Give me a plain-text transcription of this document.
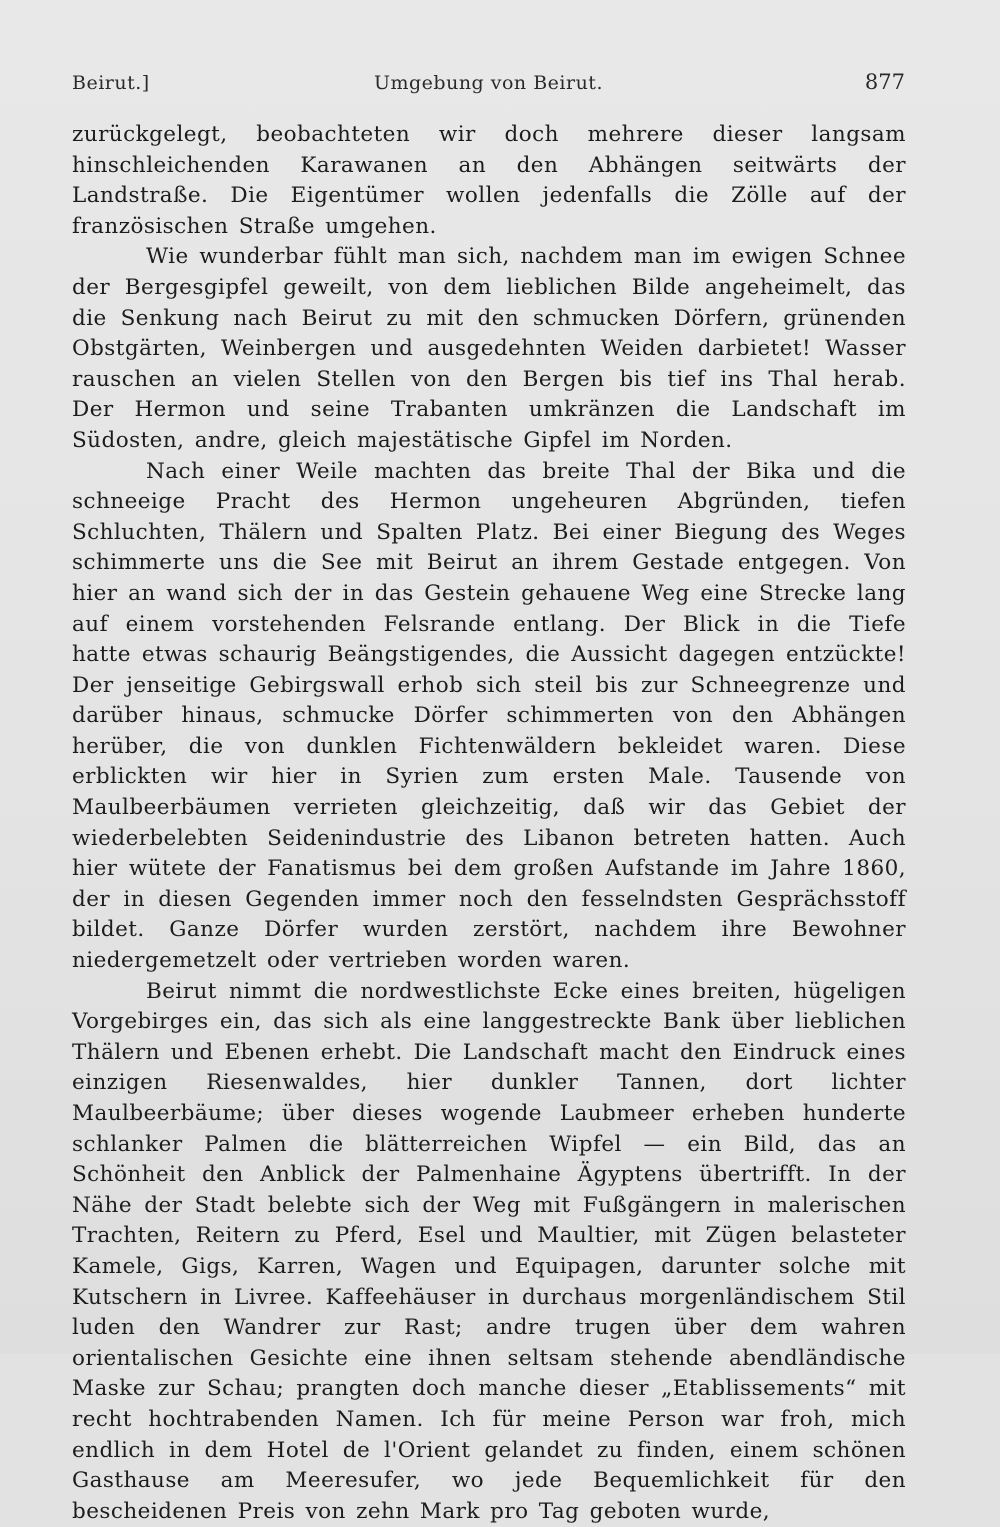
Beirut.]	Umgebung von Beirut.	877

zurückgelegt, beobachteten wir doch mehrere dieser langsam hinschleichenden Karawanen an den Abhängen seitwärts der Landstraße. Die Eigentümer wollen jedenfalls die Zölle auf der französischen Straße umgehen.

Wie wunderbar fühlt man sich, nachdem man im ewigen Schnee der Bergesgipfel geweilt, von dem lieblichen Bilde angeheimelt, das die Senkung nach Beirut zu mit den schmucken Dörfern, grünenden Obstgärten, Weinbergen und ausgedehnten Weiden darbietet! Wasser rauschen an vielen Stellen von den Bergen bis tief ins Thal herab. Der Hermon und seine Trabanten umkränzen die Landschaft im Südosten, andre, gleich majestätische Gipfel im Norden.

Nach einer Weile machten das breite Thal der Bika und die schneeige Pracht des Hermon ungeheuren Abgründen, tiefen Schluchten, Thälern und Spalten Platz. Bei einer Biegung des Weges schimmerte uns die See mit Beirut an ihrem Gestade entgegen. Von hier an wand sich der in das Gestein gehauene Weg eine Strecke lang auf einem vorstehenden Felsrande entlang. Der Blick in die Tiefe hatte etwas schaurig Beängstigendes, die Aussicht dagegen entzückte! Der jenseitige Gebirgswall erhob sich steil bis zur Schneegrenze und darüber hinaus, schmucke Dörfer schimmerten von den Abhängen herüber, die von dunklen Fichtenwäldern bekleidet waren. Diese erblickten wir hier in Syrien zum ersten Male. Tausende von Maulbeerbäumen verrieten gleichzeitig, daß wir das Gebiet der wiederbelebten Seidenindustrie des Libanon betreten hatten. Auch hier wütete der Fanatismus bei dem großen Aufstande im Jahre 1860, der in diesen Gegenden immer noch den fesselndsten Gesprächsstoff bildet. Ganze Dörfer wurden zerstört, nachdem ihre Bewohner niedergemetzelt oder vertrieben worden waren.

Beirut nimmt die nordwestlichste Ecke eines breiten, hügeligen Vorgebirges ein, das sich als eine langgestreckte Bank über lieblichen Thälern und Ebenen erhebt. Die Landschaft macht den Eindruck eines einzigen Riesenwaldes, hier dunkler Tannen, dort lichter Maulbeerbäume; über dieses wogende Laubmeer erheben hunderte schlanker Palmen die blätterreichen Wipfel — ein Bild, das an Schönheit den Anblick der Palmenhaine Ägyptens übertrifft. In der Nähe der Stadt belebte sich der Weg mit Fußgängern in malerischen Trachten, Reitern zu Pferd, Esel und Maultier, mit Zügen belasteter Kamele, Gigs, Karren, Wagen und Equipagen, darunter solche mit Kutschern in Livree. Kaffeehäuser in durchaus morgenländischem Stil luden den Wandrer zur Rast; andre trugen über dem wahren orientalischen Gesichte eine ihnen seltsam stehende abendländische Maske zur Schau; prangten doch manche dieser „Etablissements“ mit recht hochtrabenden Namen. Ich für meine Person war froh, mich endlich in dem Hotel de l'Orient gelandet zu finden, einem schönen Gasthause am Meeresufer, wo jede Bequemlichkeit für den bescheidenen Preis von zehn Mark pro Tag geboten wurde,
